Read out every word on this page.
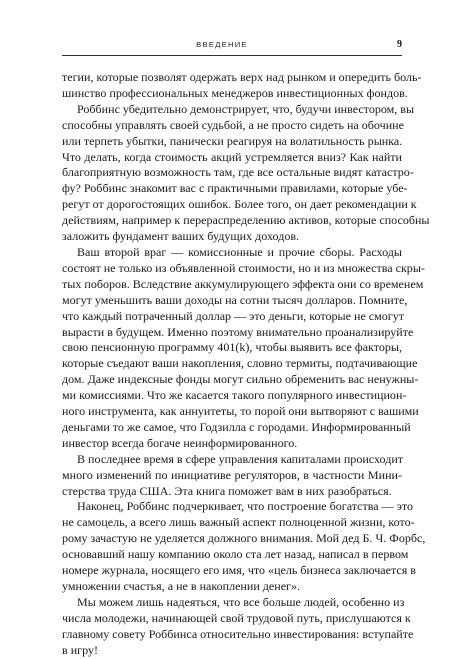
ВВЕДЕНИЕ	9

тегии, которые позволят одержать верх над рынком и опередить боль-
шинство профессиональных менеджеров инвестиционных фондов.

Роббинс убедительно демонстрирует, что, будучи инвестором, вы
способны управлять своей судьбой, а не просто сидеть на обочине
или терпеть убытки, панически реагируя на волатильность рынка.
Что делать, когда стоимость акций устремляется вниз? Как найти
благоприятную возможность там, где все остальные видят катастро-
фу? Роббинс знакомит вас с практичными правилами, которые убе-
регут от дорогостоящих ошибок. Более того, он дает рекомендации к
действиям, например к перераспределению активов, которые способны
заложить фундамент ваших будущих доходов.

Ваш второй враг — комиссионные и прочие сборы. Расходы
состоят не только из объявленной стоимости, но и из множества скры-
тых поборов. Вследствие аккумулирующего эффекта они со временем
могут уменьшить ваши доходы на сотни тысяч долларов. Помните,
что каждый потраченный доллар — это деньги, которые не смогут
вырасти в будущем. Именно поэтому внимательно проанализируйте
свою пенсионную программу 401(k), чтобы выявить все факторы,
которые съедают ваши накопления, словно термиты, подтачивающие
дом. Даже индексные фонды могут сильно обременить вас ненужны-
ми комиссиями. Что же касается такого популярного инвестицион-
ного инструмента, как аннуитеты, то порой они вытворяют с вашими
деньгами то же самое, что Годзилла с городами. Информированный
инвестор всегда богаче неинформированного.

В последнее время в сфере управления капиталами происходит
много изменений по инициативе регуляторов, в частности Мини-
стерства труда США. Эта книга поможет вам в них разобраться.

Наконец, Роббинс подчеркивает, что построение богатства — это
не самоцель, а всего лишь важный аспект полноценной жизни, кото-
рому зачастую не уделяется должного внимания. Мой дед Б. Ч. Форбс,
основавший нашу компанию около ста лет назад, написал в первом
номере журнала, носящего его имя, что «цель бизнеса заключается в
умножении счастья, а не в накоплении денег».

Мы можем лишь надеяться, что все больше людей, особенно из
числа молодежи, начинающей свой трудовой путь, прислушаются к
главному совету Роббинса относительно инвестирования: вступайте
в игру!
